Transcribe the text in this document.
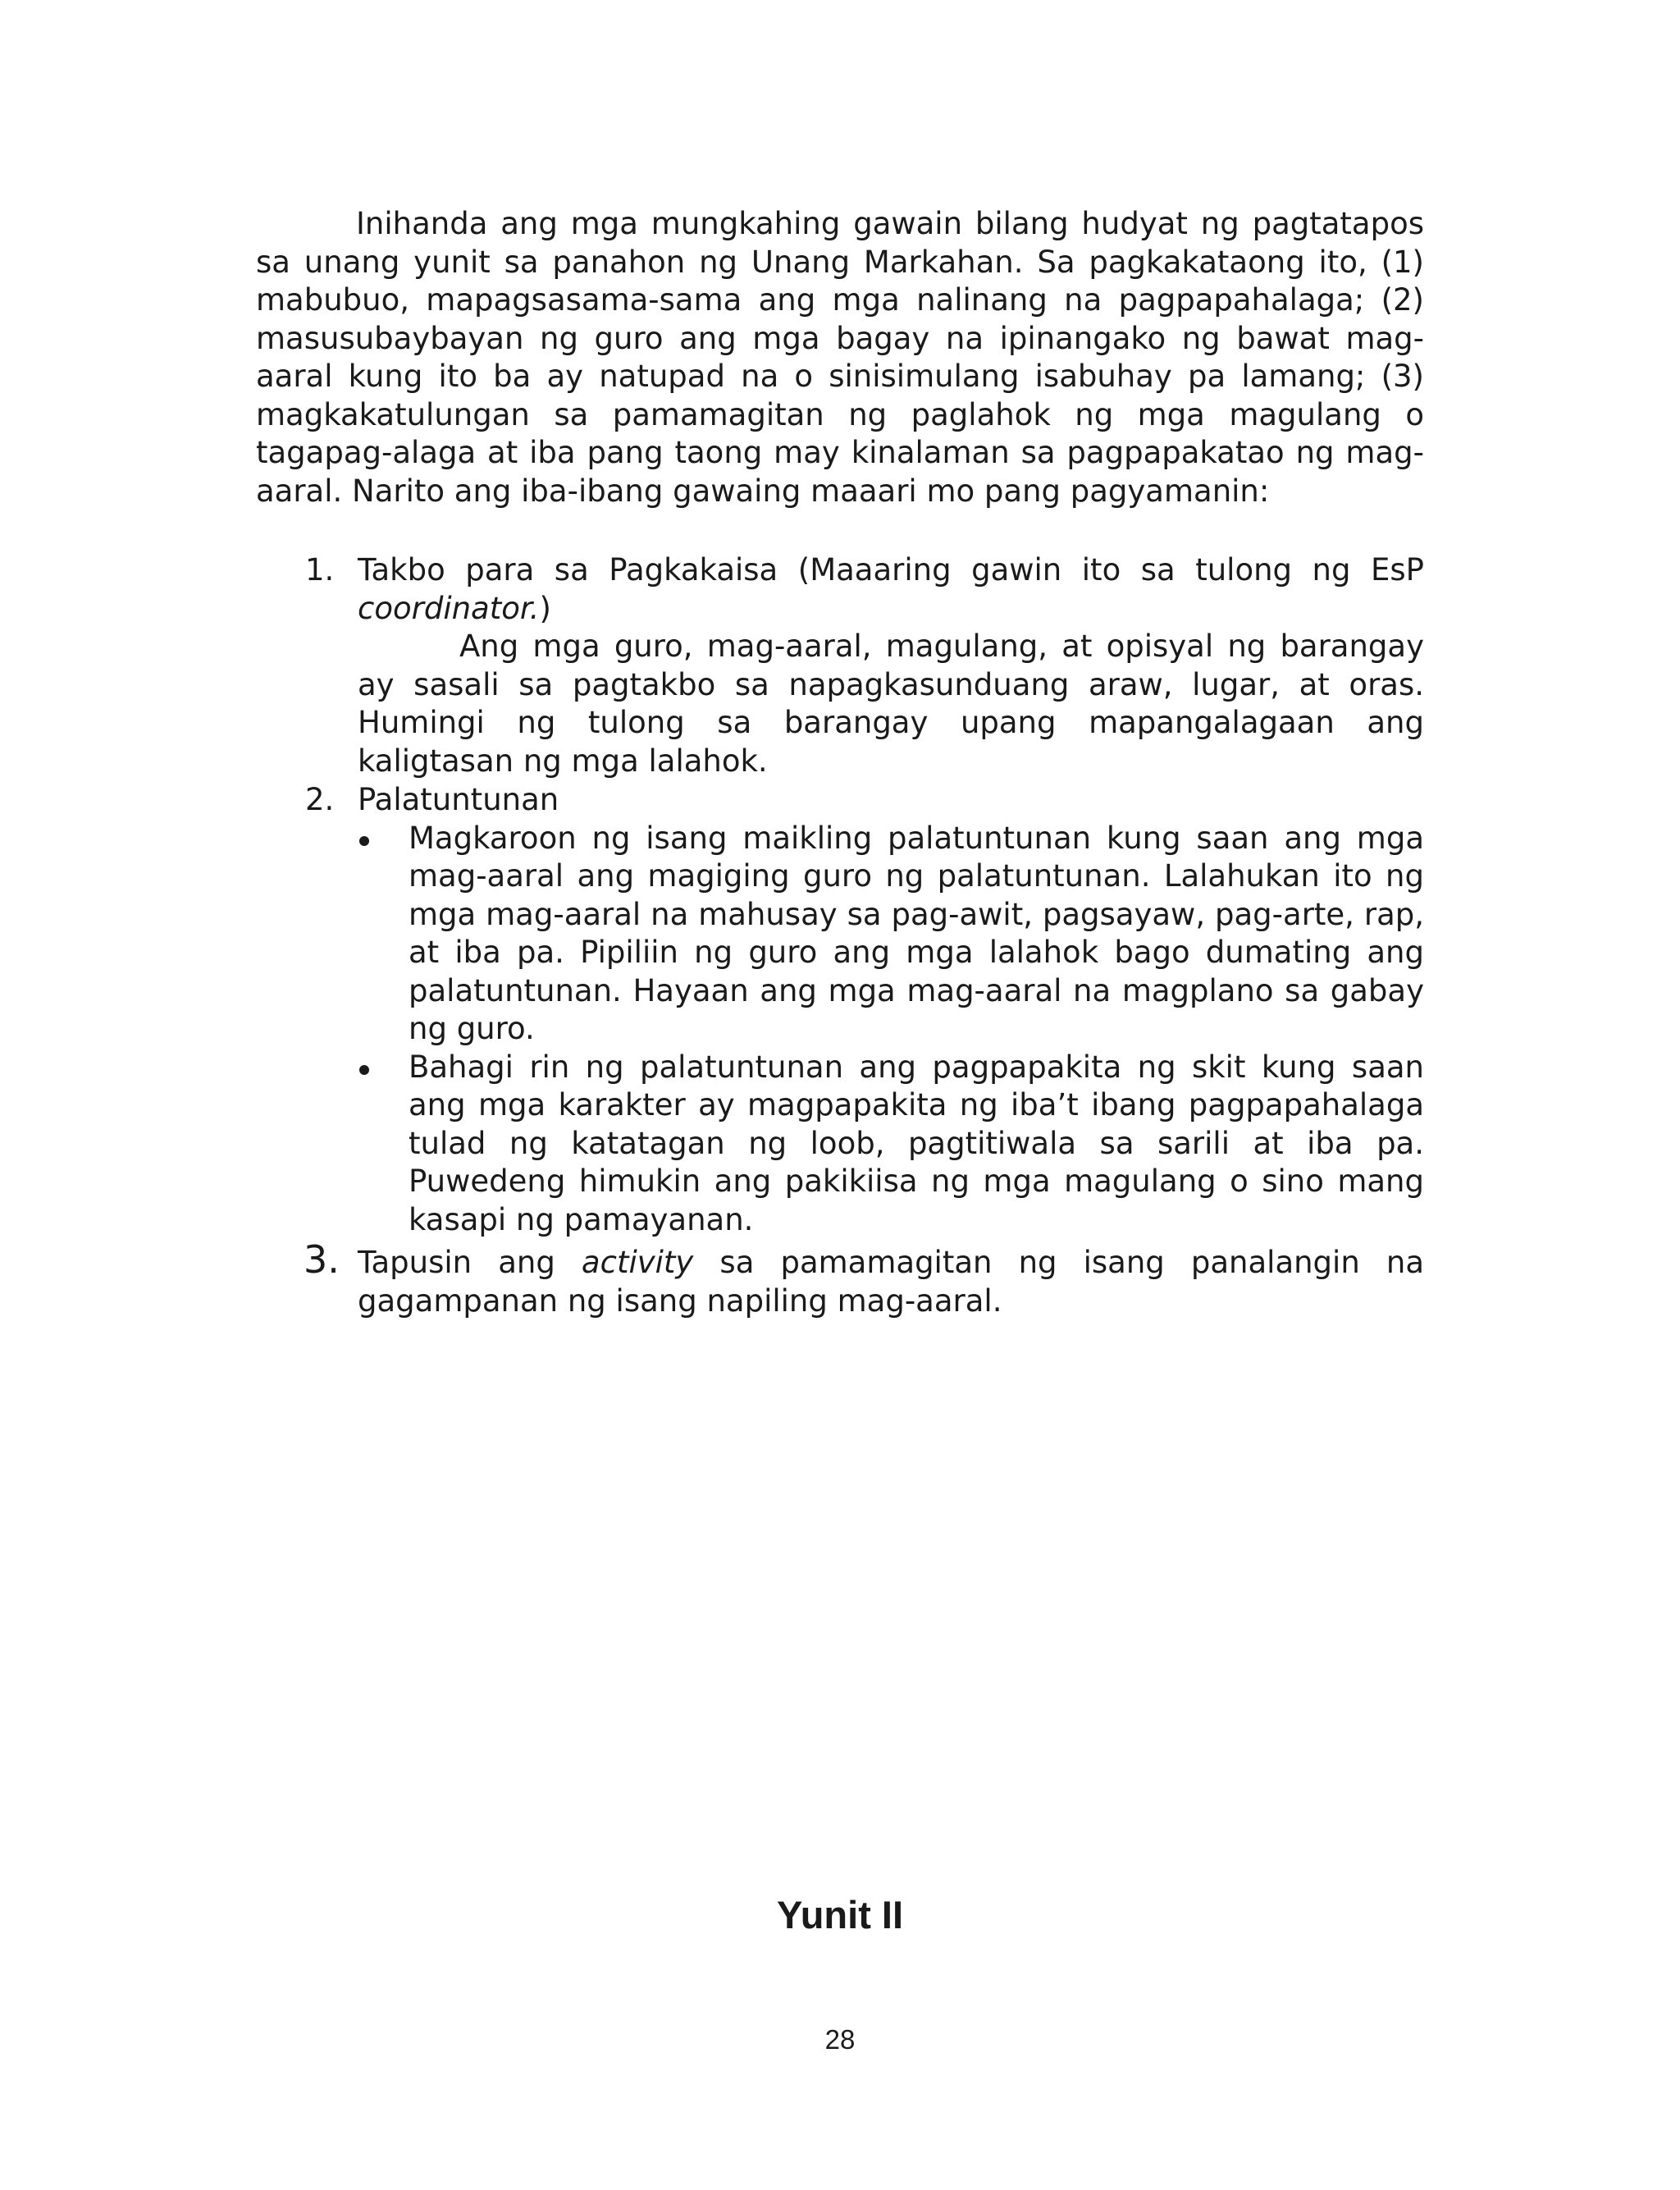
Inihanda ang mga mungkahing gawain bilang hudyat ng pagtatapos sa unang yunit sa panahon ng Unang Markahan. Sa pagkakataong ito, (1) mabubuo, mapagsasama-sama ang mga nalinang na pagpapahalaga; (2) masusubaybayan ng guro ang mga bagay na ipinangako ng bawat mag-aaral kung ito ba ay natupad na o sinisimulang isabuhay pa lamang; (3) magkakatulungan sa pamamagitan ng paglahok ng mga magulang o tagapag-alaga at iba pang taong may kinalaman sa pagpapakatao ng mag-aaral. Narito ang iba-ibang gawaing maaari mo pang pagyamanin:
1. Takbo para sa Pagkakaisa (Maaaring gawin ito sa tulong ng EsP coordinator.)
Ang mga guro, mag-aaral, magulang, at opisyal ng barangay ay sasali sa pagtakbo sa napagkasunduang araw, lugar, at oras. Humingi ng tulong sa barangay upang mapangalagaan ang kaligtasan ng mga lalahok.
2. Palatuntunan
Magkaroon ng isang maikling palatuntunan kung saan ang mga mag-aaral ang magiging guro ng palatuntunan. Lalahukan ito ng mga mag-aaral na mahusay sa pag-awit, pagsayaw, pag-arte, rap, at iba pa. Pipiliin ng guro ang mga lalahok bago dumating ang palatuntunan. Hayaan ang mga mag-aaral na magplano sa gabay ng guro.
Bahagi rin ng palatuntunan ang pagpapakita ng skit kung saan ang mga karakter ay magpapakita ng iba’t ibang pagpapahalaga tulad ng katatagan ng loob, pagtitiwala sa sarili at iba pa. Puwedeng himukin ang pakikiisa ng mga magulang o sino mang kasapi ng pamayanan.
3. Tapusin ang activity sa pamamagitan ng isang panalangin na gagampanan ng isang napiling mag-aaral.
Yunit II
28
